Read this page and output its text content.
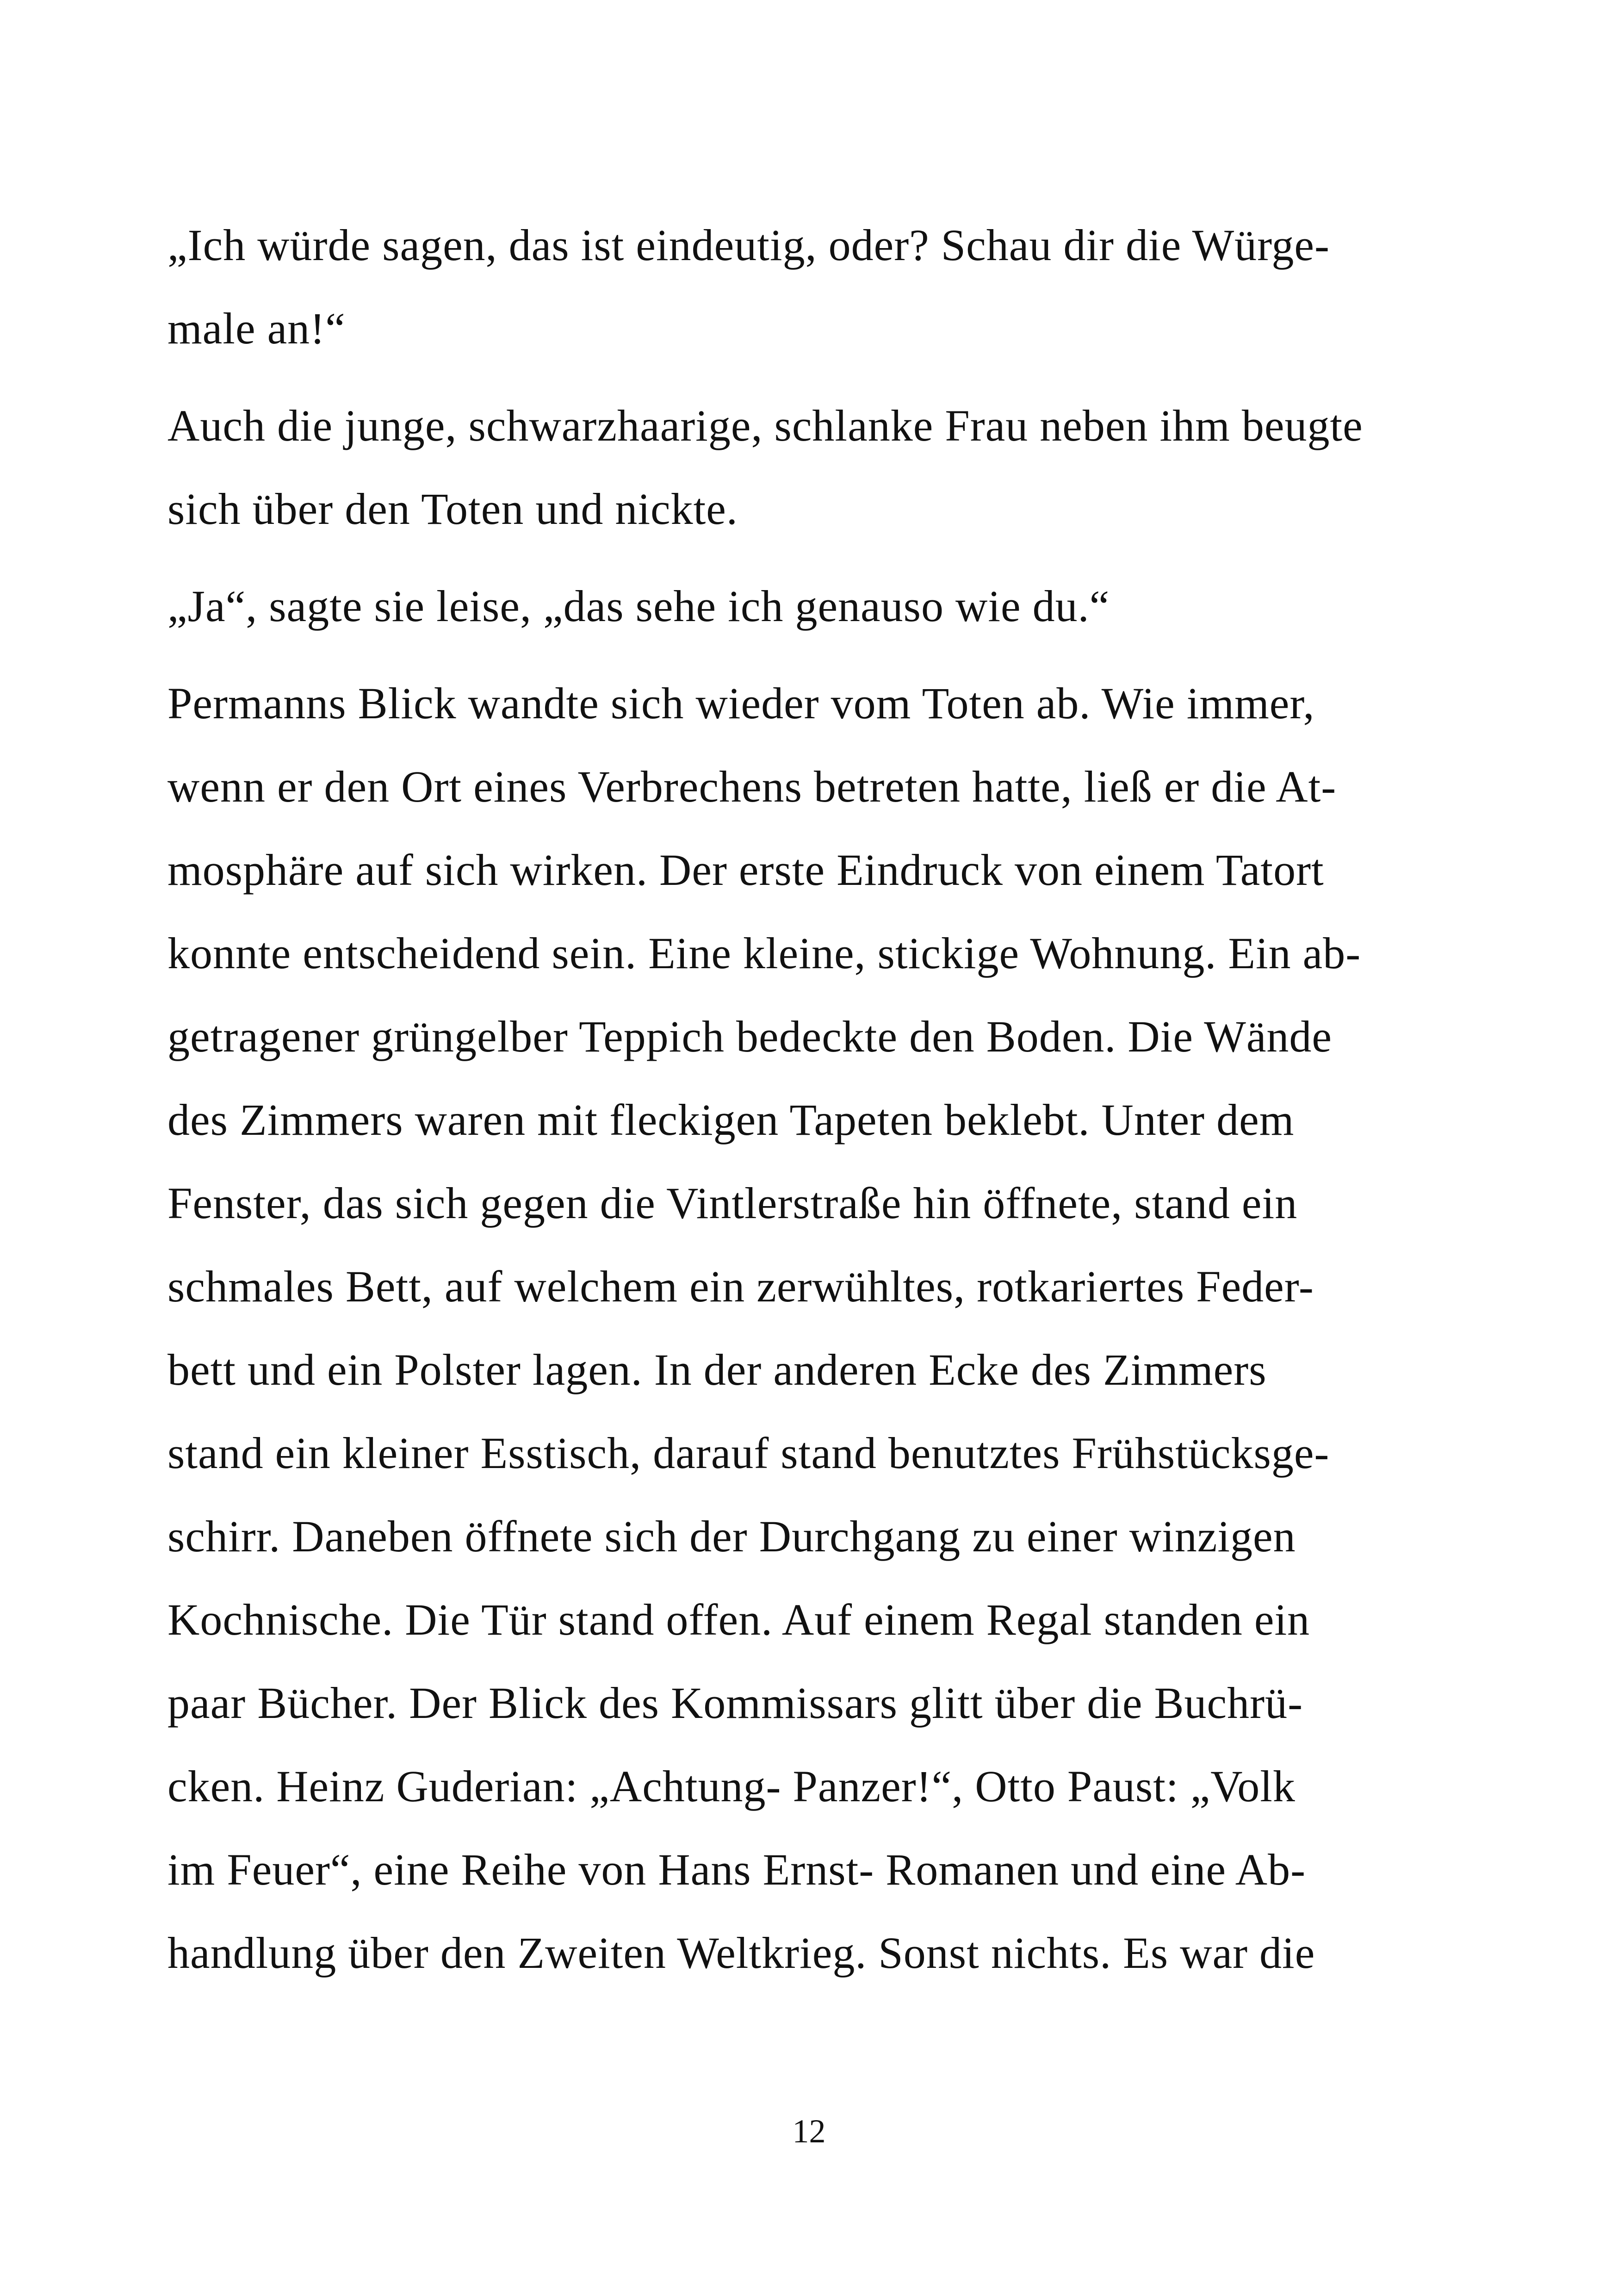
„Ich würde sagen, das ist eindeutig, oder? Schau dir die Würge-
male an!“
Auch die junge, schwarzhaarige, schlanke Frau neben ihm beugte
sich über den Toten und nickte.
„Ja“, sagte sie leise, „das sehe ich genauso wie du.“
Permanns Blick wandte sich wieder vom Toten ab. Wie immer,
wenn er den Ort eines Verbrechens betreten hatte, ließ er die At-
mosphäre auf sich wirken. Der erste Eindruck von einem Tatort
konnte entscheidend sein. Eine kleine, stickige Wohnung. Ein ab-
getragener grüngelber Teppich bedeckte den Boden. Die Wände
des Zimmers waren mit fleckigen Tapeten beklebt. Unter dem
Fenster, das sich gegen die Vintlerstraße hin öffnete, stand ein
schmales Bett, auf welchem ein zerwühltes, rotkariertes Feder-
bett und ein Polster lagen. In der anderen Ecke des Zimmers
stand ein kleiner Esstisch, darauf stand benutztes Frühstücksge-
schirr. Daneben öffnete sich der Durchgang zu einer winzigen
Kochnische. Die Tür stand offen. Auf einem Regal standen ein
paar Bücher. Der Blick des Kommissars glitt über die Buchrü-
cken. Heinz Guderian: „Achtung- Panzer!“, Otto Paust: „Volk
im Feuer“, eine Reihe von Hans Ernst- Romanen und eine Ab-
handlung über den Zweiten Weltkrieg. Sonst nichts. Es war die
12
